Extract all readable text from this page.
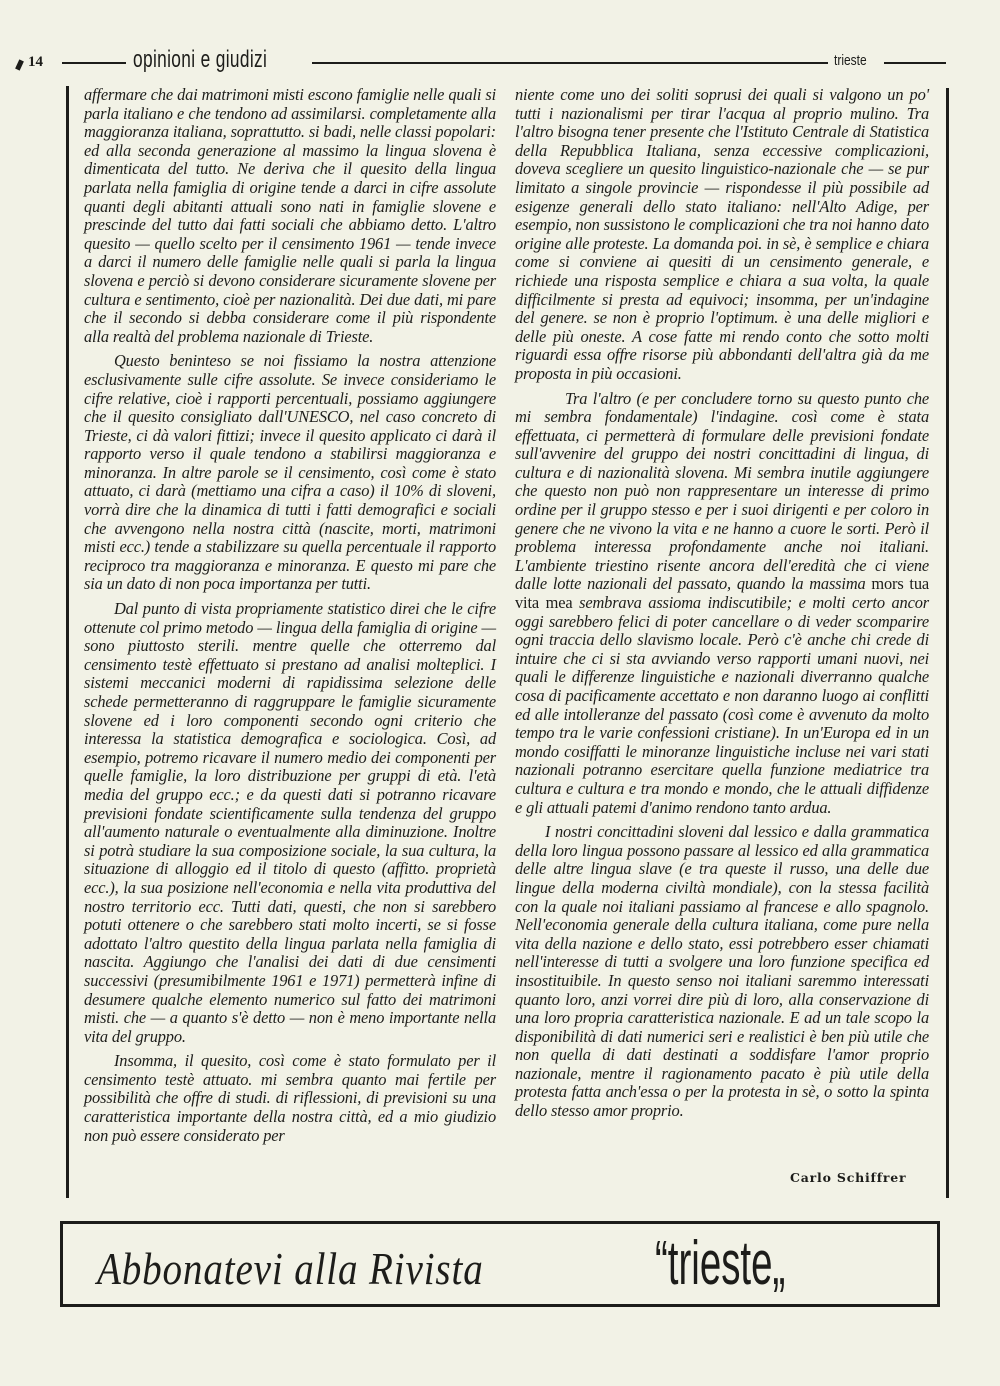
14	opinioni e giudizi	trieste

affermare che dai matrimoni misti escono famiglie nelle quali si parla italiano e che tendono ad assimilarsi. completamente alla maggioranza italiana, soprattutto. si badi, nelle classi popolari: ed alla seconda generazione al massimo la lingua slovena è dimenticata del tutto. Ne deriva che il quesito della lingua parlata nella famiglia di origine tende a darci in cifre assolute quanti degli abitanti attuali sono nati in famiglie slovene e prescinde del tutto dai fatti sociali che abbiamo detto. L'altro quesito — quello scelto per il censimento 1961 — tende invece a darci il numero delle famiglie nelle quali si parla la lingua slovena e perciò si devono considerare sicuramente slovene per cultura e sentimento, cioè per nazionalità. Dei due dati, mi pare che il secondo si debba considerare come il più rispondente alla realtà del problema nazionale di Trieste.

Questo beninteso se noi fissiamo la nostra attenzione esclusivamente sulle cifre assolute. Se invece consideriamo le cifre relative, cioè i rapporti percentuali, possiamo aggiungere che il quesito consigliato dall'UNESCO, nel caso concreto di Trieste, ci dà valori fittizi; invece il quesito applicato ci darà il rapporto verso il quale tendono a stabilirsi maggioranza e minoranza. In altre parole se il censimento, così come è stato attuato, ci darà (mettiamo una cifra a caso) il 10% di sloveni, vorrà dire che la dinamica di tutti i fatti demografici e sociali che avvengono nella nostra città (nascite, morti, matrimoni misti ecc.) tende a stabilizzare su quella percentuale il rapporto reciproco tra maggioranza e minoranza. E questo mi pare che sia un dato di non poca importanza per tutti.

Dal punto di vista propriamente statistico direi che le cifre ottenute col primo metodo — lingua della famiglia di origine — sono piuttosto sterili. mentre quelle che otterremo dal censimento testè effettuato si prestano ad analisi molteplici. I sistemi meccanici moderni di rapidissima selezione delle schede permetteranno di raggruppare le famiglie sicuramente slovene ed i loro componenti secondo ogni criterio che interessa la statistica demografica e sociologica. Così, ad esempio, potremo ricavare il numero medio dei componenti per quelle famiglie, la loro distribuzione per gruppi di età. l'età media del gruppo ecc.; e da questi dati si potranno ricavare previsioni fondate scientificamente sulla tendenza del gruppo all'aumento naturale o eventualmente alla diminuzione. Inoltre si potrà studiare la sua composizione sociale, la sua cultura, la situazione di alloggio ed il titolo di questo (affitto. proprietà ecc.), la sua posizione nell'economia e nella vita produttiva del nostro territorio ecc. Tutti dati, questi, che non si sarebbero potuti ottenere o che sarebbero stati molto incerti, se si fosse adottato l'altro questito della lingua parlata nella famiglia di nascita. Aggiungo che l'analisi dei dati di due censimenti successivi (presumibilmente 1961 e 1971) permetterà infine di desumere qualche elemento numerico sul fatto dei matrimoni misti. che — a quanto s'è detto — non è meno importante nella vita del gruppo.

Insomma, il quesito, così come è stato formulato per il censimento testè attuato. mi sembra quanto mai fertile per possibilità che offre di studi. di riflessioni, di previsioni su una caratteristica importante della nostra città, ed a mio giudizio non può essere considerato per

niente come uno dei soliti soprusi dei quali si valgono un po' tutti i nazionalismi per tirar l'acqua al proprio mulino. Tra l'altro bisogna tener presente che l'Istituto Centrale di Statistica della Repubblica Italiana, senza eccessive complicazioni, doveva scegliere un quesito linguistico-nazionale che — se pur limitato a singole provincie — rispondesse il più possibile ad esigenze generali dello stato italiano: nell'Alto Adige, per esempio, non sussistono le complicazioni che tra noi hanno dato origine alle proteste. La domanda poi. in sè, è semplice e chiara come si conviene ai quesiti di un censimento generale, e richiede una risposta semplice e chiara a sua volta, la quale difficilmente si presta ad equivoci; insomma, per un'indagine del genere. se non è proprio l'optimum. è una delle migliori e delle più oneste. A cose fatte mi rendo conto che sotto molti riguardi essa offre risorse più abbondanti dell'altra già da me proposta in più occasioni.

Tra l'altro (e per concludere torno su questo punto che mi sembra fondamentale) l'indagine. così come è stata effettuata, ci permetterà di formulare delle previsioni fondate sull'avvenire del gruppo dei nostri concittadini di lingua, di cultura e di nazionalità slovena. Mi sembra inutile aggiungere che questo non può non rappresentare un interesse di primo ordine per il gruppo stesso e per i suoi dirigenti e per coloro in genere che ne vivono la vita e ne hanno a cuore le sorti. Però il problema interessa profondamente anche noi italiani. L'ambiente triestino risente ancora dell'eredità che ci viene dalle lotte nazionali del passato, quando la massima mors tua vita mea sembrava assioma indiscutibile; e molti certo ancor oggi sarebbero felici di poter cancellare o di veder scomparire ogni traccia dello slavismo locale. Però c'è anche chi crede di intuire che ci si sta avviando verso rapporti umani nuovi, nei quali le differenze linguistiche e nazionali diverranno qualche cosa di pacificamente accettato e non daranno luogo ai conflitti ed alle intolleranze del passato (così come è avvenuto da molto tempo tra le varie confessioni cristiane). In un'Europa ed in un mondo cosiffatti le minoranze linguistiche incluse nei vari stati nazionali potranno esercitare quella funzione mediatrice tra cultura e cultura e tra mondo e mondo, che le attuali diffidenze e gli attuali patemi d'animo rendono tanto ardua.

I nostri concittadini sloveni dal lessico e dalla grammatica della loro lingua possono passare al lessico ed alla grammatica delle altre lingua slave (e tra queste il russo, una delle due lingue della moderna civiltà mondiale), con la stessa facilità con la quale noi italiani passiamo al francese e allo spagnolo. Nell'economia generale della cultura italiana, come pure nella vita della nazione e dello stato, essi potrebbero esser chiamati nell'interesse di tutti a svolgere una loro funzione specifica ed insostituibile. In questo senso noi italiani saremmo interessati quanto loro, anzi vorrei dire più di loro, alla conservazione di una loro propria caratteristica nazionale. E ad un tale scopo la disponibilità di dati numerici seri e realistici è ben più utile che non quella di dati destinati a soddisfare l'amor proprio nazionale, mentre il ragionamento pacato è più utile della protesta fatta anch'essa o per la protesta in sè, o sotto la spinta dello stesso amor proprio.

Carlo Schiffrer
Abbonatevi alla Rivista	“trieste„
